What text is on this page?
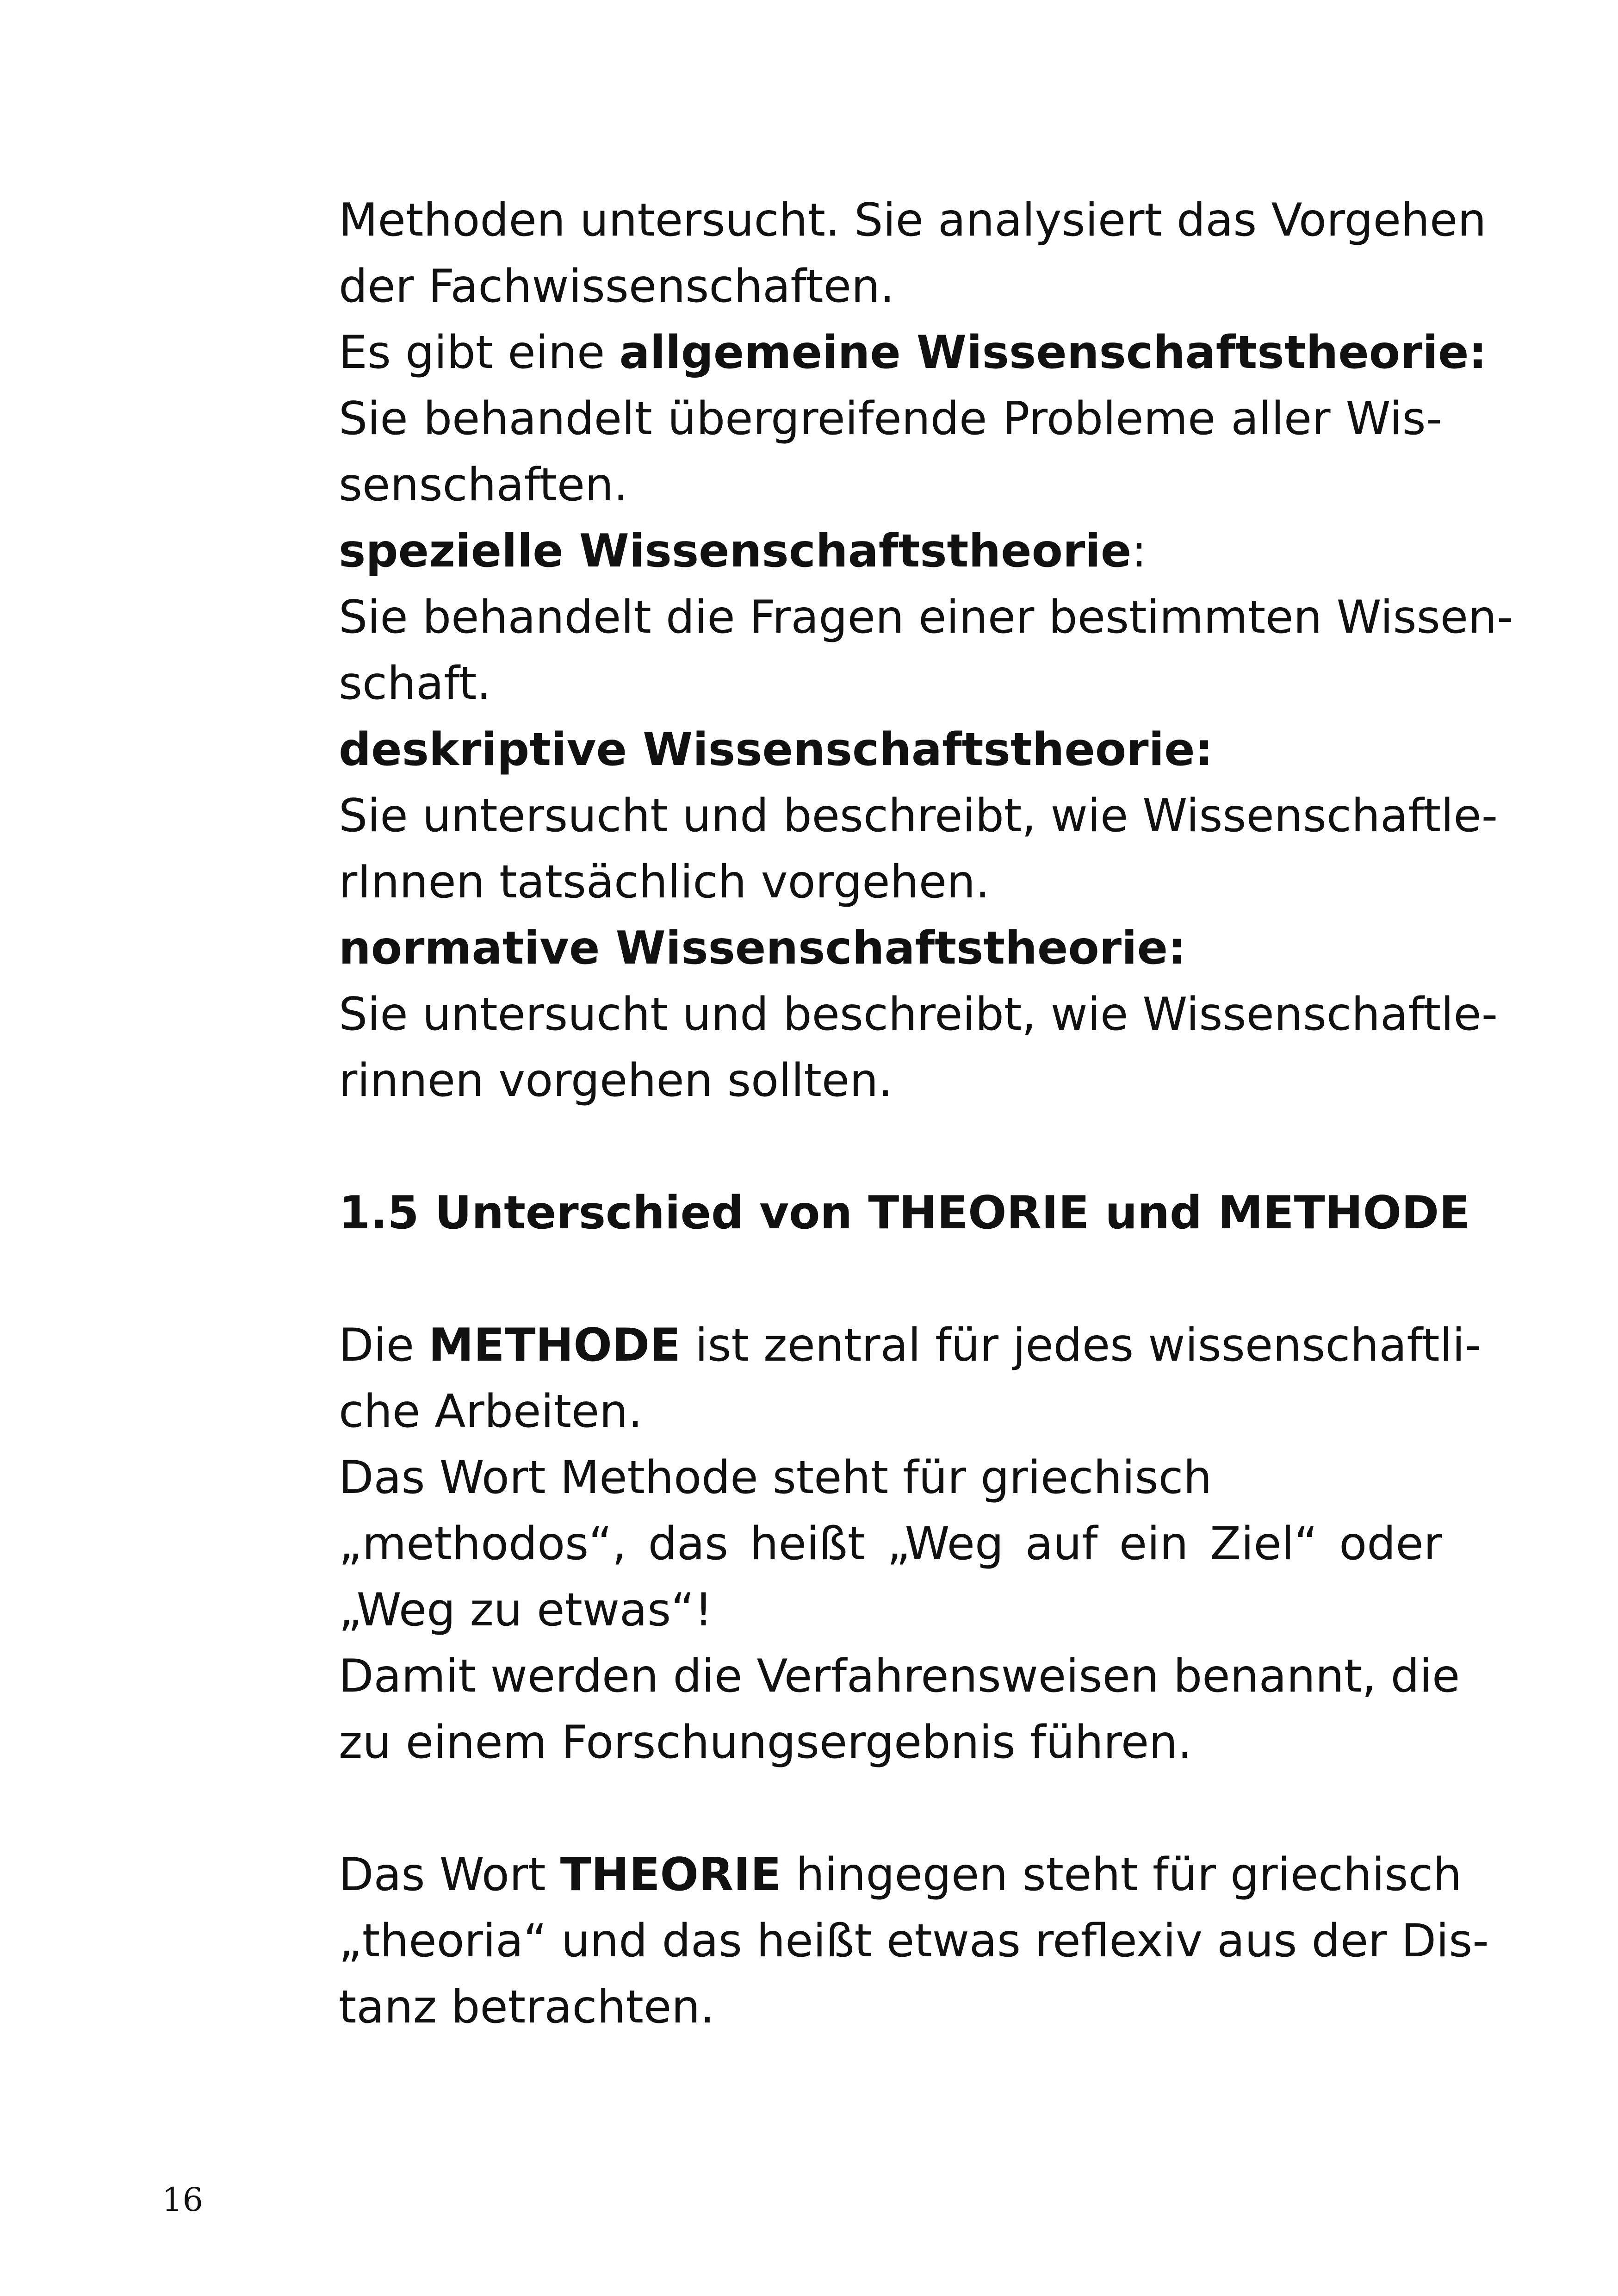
Methoden untersucht. Sie analysiert das Vorgehen
der Fachwissenschaften.
Es gibt eine allgemeine Wissenschaftstheorie:
Sie behandelt übergreifende Probleme aller Wis-
senschaften.
spezielle Wissenschaftstheorie:
Sie behandelt die Fragen einer bestimmten Wissen-
schaft.
deskriptive Wissenschaftstheorie:
Sie untersucht und beschreibt, wie Wissenschaftle-
rInnen tatsächlich vorgehen.
normative Wissenschaftstheorie:
Sie untersucht und beschreibt, wie Wissenschaftle-
rinnen vorgehen sollten.
1.5 Unterschied von THEORIE und METHODE
Die METHODE ist zentral für jedes wissenschaftli-
che Arbeiten.
Das Wort Methode steht für griechisch
„methodos“, das heißt „Weg auf ein Ziel“ oder
„Weg zu etwas“!
Damit werden die Verfahrensweisen benannt, die
zu einem Forschungsergebnis führen.
Das Wort THEORIE hingegen steht für griechisch
„theoria“ und das heißt etwas reflexiv aus der Dis-
tanz betrachten.
16
